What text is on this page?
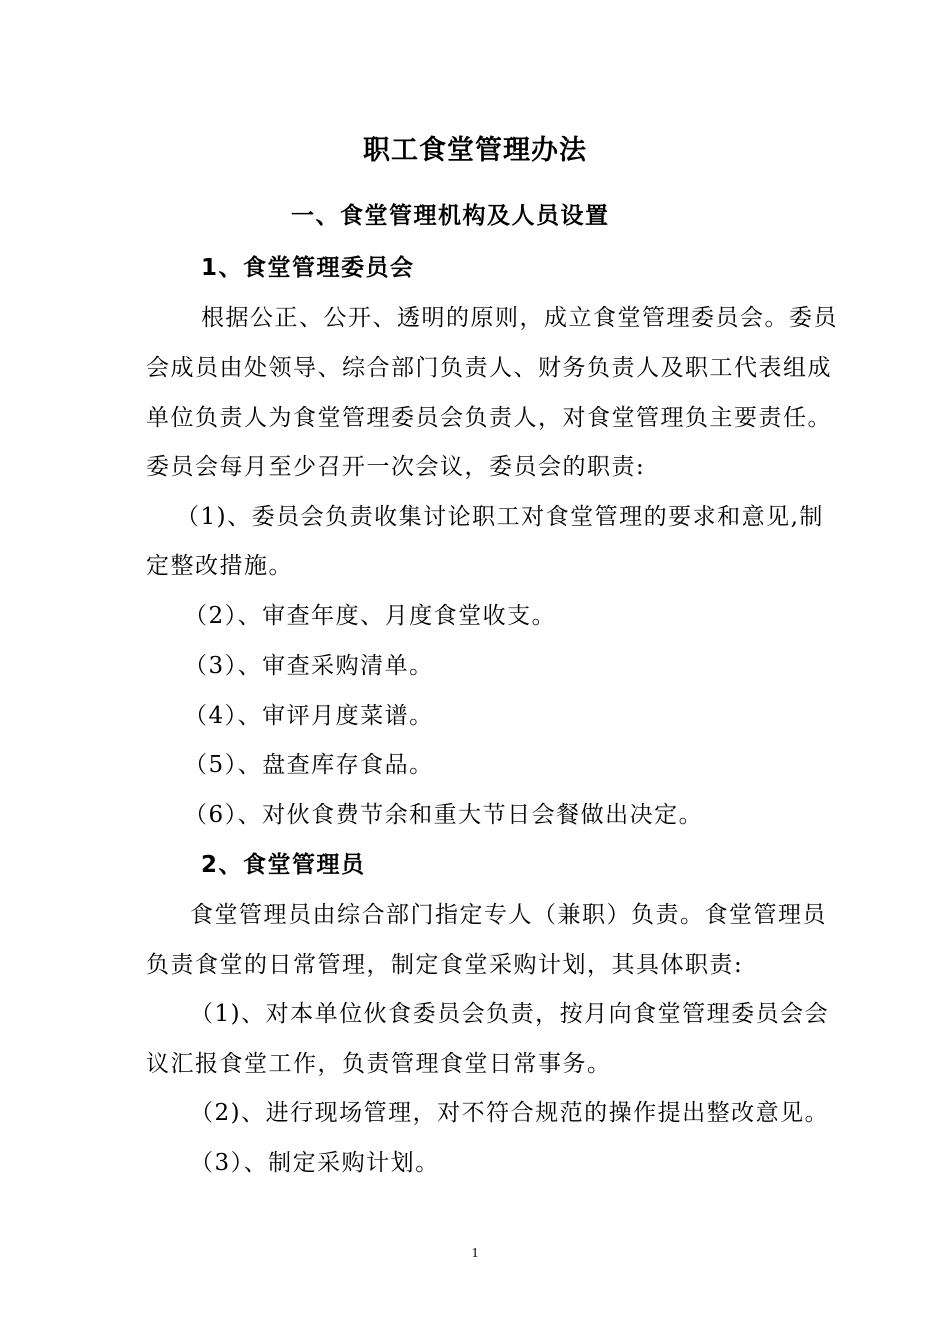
职工食堂管理办法
一、食堂管理机构及人员设置
1、食堂管理委员会
根据公正、公开、透明的原则，成立食堂管理委员会。委员
会成员由处领导、综合部门负责人、财务负责人及职工代表组成
单位负责人为食堂管理委员会负责人，对食堂管理负主要责任。
委员会每月至少召开一次会议，委员会的职责:
（1)、委员会负责收集讨论职工对食堂管理的要求和意见,制
定整改措施。
（2）、审查年度、月度食堂收支。
（3）、审查采购清单。
（4）、审评月度菜谱。
（5）、盘查库存食品。
（6）、对伙食费节余和重大节日会餐做出决定。
2、食堂管理员
食堂管理员由综合部门指定专人（兼职）负责。食堂管理员
负责食堂的日常管理，制定食堂采购计划，其具体职责:
（1)、对本单位伙食委员会负责，按月向食堂管理委员会会
议汇报食堂工作，负责管理食堂日常事务。
（2)、进行现场管理，对不符合规范的操作提出整改意见。
（3）、制定采购计划。
1
